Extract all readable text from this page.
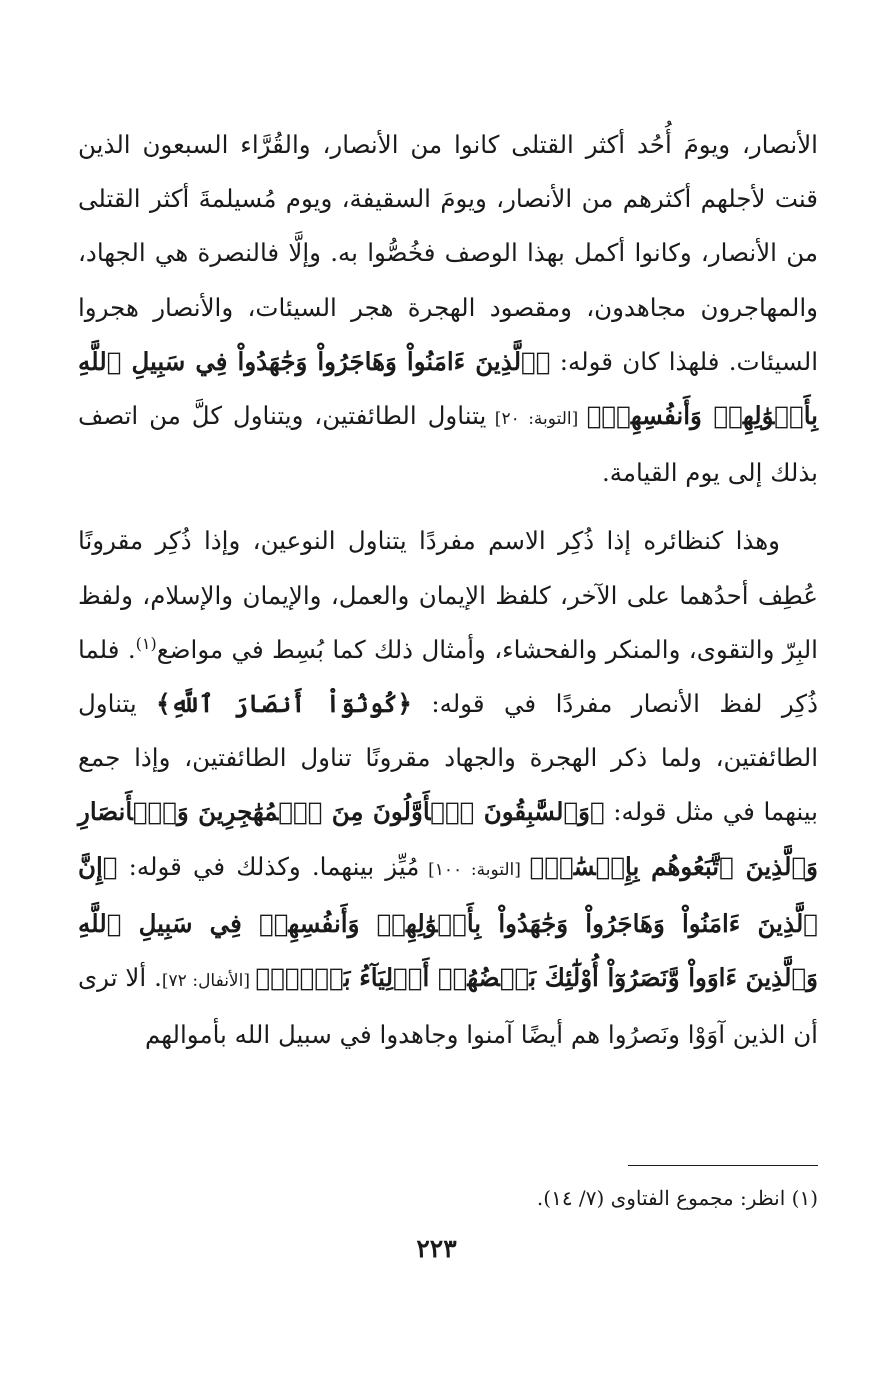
الأنصار، ويومَ أُحُد أكثر القتلى كانوا من الأنصار، والقُرَّاء السبعون الذين قنت لأجلهم أكثرهم من الأنصار، ويومَ السقيفة، ويوم مُسيلمةَ أكثر القتلى من الأنصار، وكانوا أكمل بهذا الوصف فخُصُّوا به. وإلَّا فالنصرة هي الجهاد، والمهاجرون مجاهدون، ومقصود الهجرة هجر السيئات، والأنصار هجروا السيئات. فلهذا كان قوله: ﴿ٱلَّذِينَ ءَامَنُواْ وَهَاجَرُواْ وَجَٰهَدُواْ فِي سَبِيلِ ٱللَّهِ بِأَمۡوَٰلِهِمۡ وَأَنفُسِهِمۡ﴾ [التوبة: ٢٠] يتناول الطائفتين، ويتناول كلَّ من اتصف بذلك إلى يوم القيامة.

وهذا كنظائره إذا ذُكِر الاسم مفردًا يتناول النوعين، وإذا ذُكِر مقرونًا عُطِف أحدُهما على الآخر، كلفظ الإيمان والعمل، والإيمان والإسلام، ولفظ البِرّ والتقوى، والمنكر والفحشاء، وأمثال ذلك كما بُسِط في مواضع$^{(١)}$. فلما ذُكِر لفظ الأنصار مفردًا في قوله: ﴿كُونُوٓاْ أَنصَارَ ٱللَّهِ﴾ يتناول الطائفتين، ولما ذكر الهجرة والجهاد مقرونًا تناول الطائفتين، وإذا جمع بينهما في مثل قوله: ﴿وَٱلسَّٰبِقُونَ ٱلۡأَوَّلُونَ مِنَ ٱلۡمُهَٰجِرِينَ وَٱلۡأَنصَارِ وَٱلَّذِينَ ٱتَّبَعُوهُم بِإِحۡسَٰنٖ﴾ [التوبة: ١٠٠] مُيِّز بينهما. وكذلك في قوله: ﴿إِنَّ ٱلَّذِينَ ءَامَنُواْ وَهَاجَرُواْ وَجَٰهَدُواْ بِأَمۡوَٰلِهِمۡ وَأَنفُسِهِمۡ فِي سَبِيلِ ٱللَّهِ وَٱلَّذِينَ ءَاوَواْ وَّنَصَرُوٓاْ أُوْلَٰٓئِكَ بَعۡضُهُمۡ أَوۡلِيَآءُ بَعۡضٖۚ﴾ [الأنفال: ٧٢]. ألا ترى أن الذين آوَوْا ونَصرُوا هم أيضًا آمنوا وجاهدوا في سبيل الله بأموالهم

(١) انظر: مجموع الفتاوى (٧/ ١٤).
٢٢٣
